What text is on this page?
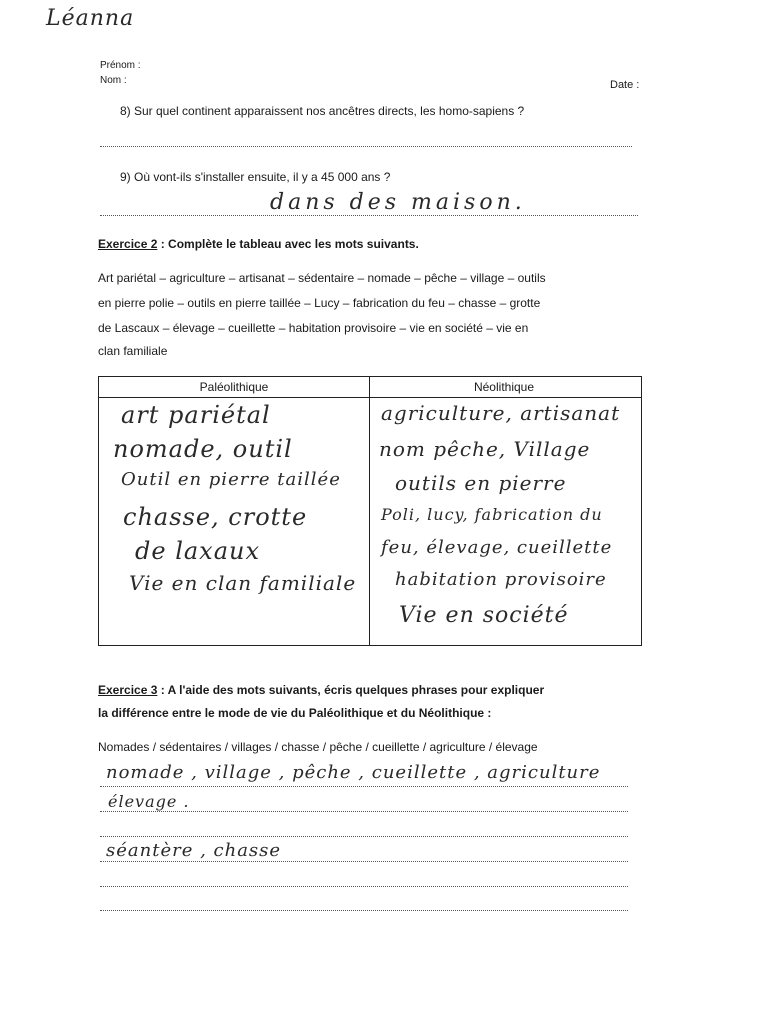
Léanna
Prénom :
Nom :	Date :
8) Sur quel continent apparaissent nos ancêtres directs, les homo-sapiens ?
9) Où vont-ils s'installer ensuite, il y a 45 000 ans ?
dans des maison.
Exercice 2 : Complète le tableau avec les mots suivants.
Art pariétal – agriculture – artisanat – sédentaire – nomade – pêche – village – outils
en pierre polie – outils en pierre taillée – Lucy – fabrication du feu – chasse – grotte
de Lascaux – élevage – cueillette – habitation provisoire – vie en société – vie en
clan familiale
Paléolithique	Néolithique
art pariétal
nomade, outil
Outil en pierre taillée
chasse, crotte
de laxaux
Vie en clan familiale
agriculture, artisanat
nom pêche, Village
outils en pierre
Poli, lucy, fabrication du
feu, élevage, cueillette
habitation provisoire
Vie en société
Exercice 3 : A l'aide des mots suivants, écris quelques phrases pour expliquer
la différence entre le mode de vie du Paléolithique et du Néolithique :
Nomades / sédentaires / villages / chasse / pêche / cueillette / agriculture / élevage
nomade , village , pêche , cueillette , agriculture
élevage .
séantère , chasse
